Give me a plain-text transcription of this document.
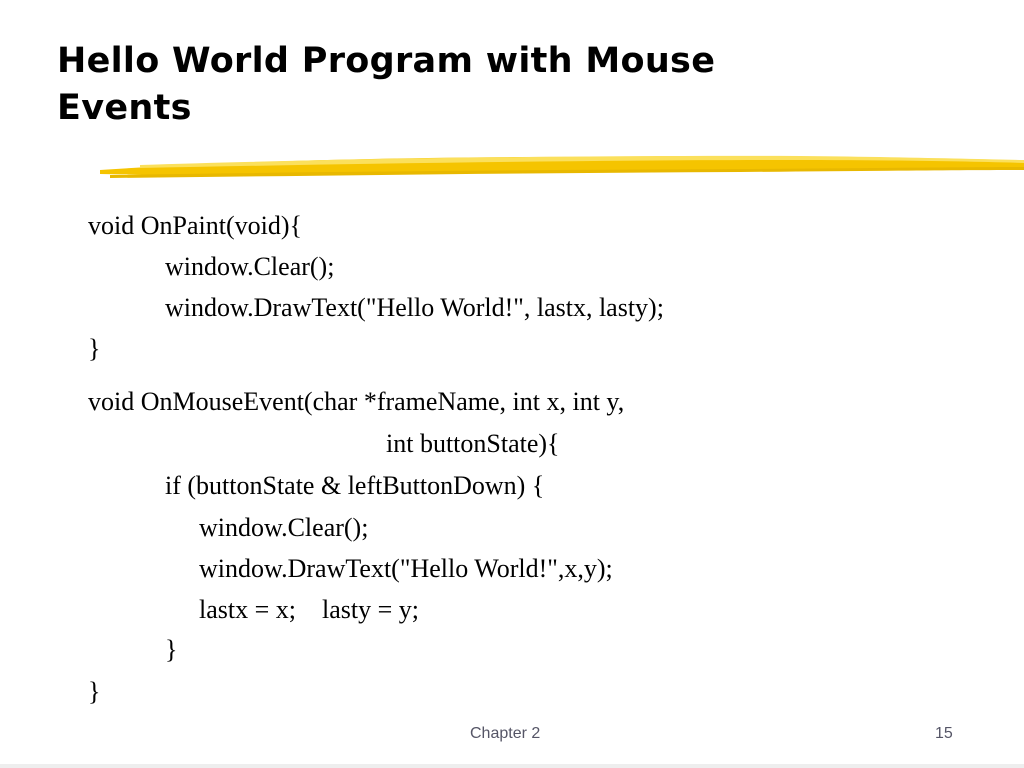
Hello World Program with Mouse
Events

void OnPaint(void){

window.Clear();

window.DrawText("Hello World!", lastx, lasty);

}

void OnMouseEvent(char *frameName, int x, int y,

int buttonState){

if (buttonState & leftButtonDown) {

window.Clear();

window.DrawText("Hello World!",x,y);

lastx = x;    lasty = y;

}

}

Chapter 2	15
